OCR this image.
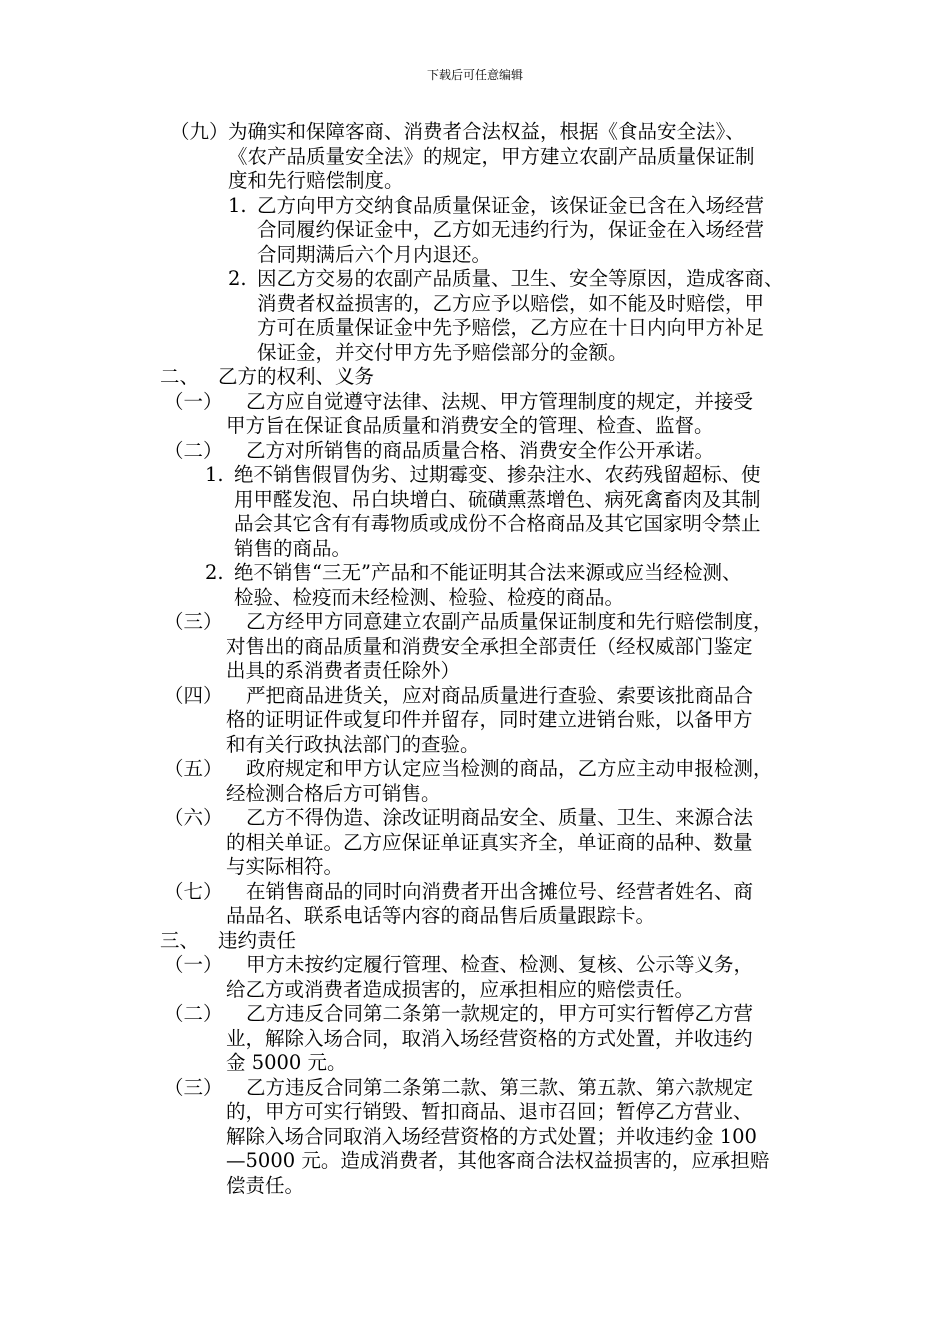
下载后可任意编辑
（九） 为确实和保障客商、消费者合法权益，根据《食品安全法》、
《农产品质量安全法》的规定，甲方建立农副产品质量保证制
度和先行赔偿制度。
1. 乙方向甲方交纳食品质量保证金，该保证金已含在入场经营
合同履约保证金中，乙方如无违约行为，保证金在入场经营
合同期满后六个月内退还。
2. 因乙方交易的农副产品质量、卫生、安全等原因，造成客商、
消费者权益损害的，乙方应予以赔偿，如不能及时赔偿，甲
方可在质量保证金中先予赔偿，乙方应在十日内向甲方补足
保证金，并交付甲方先予赔偿部分的金额。
二、 乙方的权利、义务
（一）	乙方应自觉遵守法律、法规、甲方管理制度的规定，并接受
甲方旨在保证食品质量和消费安全的管理、检查、监督。
（二）	乙方对所销售的商品质量合格、消费安全作公开承诺。
1. 绝不销售假冒伪劣、过期霉变、掺杂注水、农药残留超标、使
用甲醛发泡、吊白块增白、硫磺熏蒸增色、病死禽畜肉及其制
品会其它含有有毒物质或成份不合格商品及其它国家明令禁止
销售的商品。
2. 绝不销售“三无”产品和不能证明其合法来源或应当经检测、
检验、检疫而未经检测、检验、检疫的商品。
（三）	乙方经甲方同意建立农副产品质量保证制度和先行赔偿制度，
对售出的商品质量和消费安全承担全部责任（经权威部门鉴定
出具的系消费者责任除外）
（四）	严把商品进货关，应对商品质量进行查验、索要该批商品合
格的证明证件或复印件并留存，同时建立进销台账，以备甲方
和有关行政执法部门的查验。
（五）	政府规定和甲方认定应当检测的商品，乙方应主动申报检测，
经检测合格后方可销售。
（六）	乙方不得伪造、涂改证明商品安全、质量、卫生、来源合法
的相关单证。乙方应保证单证真实齐全，单证商的品种、数量
与实际相符。
（七）	在销售商品的同时向消费者开出含摊位号、经营者姓名、商
品品名、联系电话等内容的商品售后质量跟踪卡。
三、 违约责任
（一）	甲方未按约定履行管理、检查、检测、复核、公示等义务，
给乙方或消费者造成损害的，应承担相应的赔偿责任。
（二）	乙方违反合同第二条第一款规定的，甲方可实行暂停乙方营
业，解除入场合同，取消入场经营资格的方式处置，并收违约
金 5000 元。
（三）	乙方违反合同第二条第二款、第三款、第五款、第六款规定
的，甲方可实行销毁、暂扣商品、退市召回；暂停乙方营业、
解除入场合同取消入场经营资格的方式处置；并收违约金 100
—5000 元。造成消费者，其他客商合法权益损害的，应承担赔
偿责任。
